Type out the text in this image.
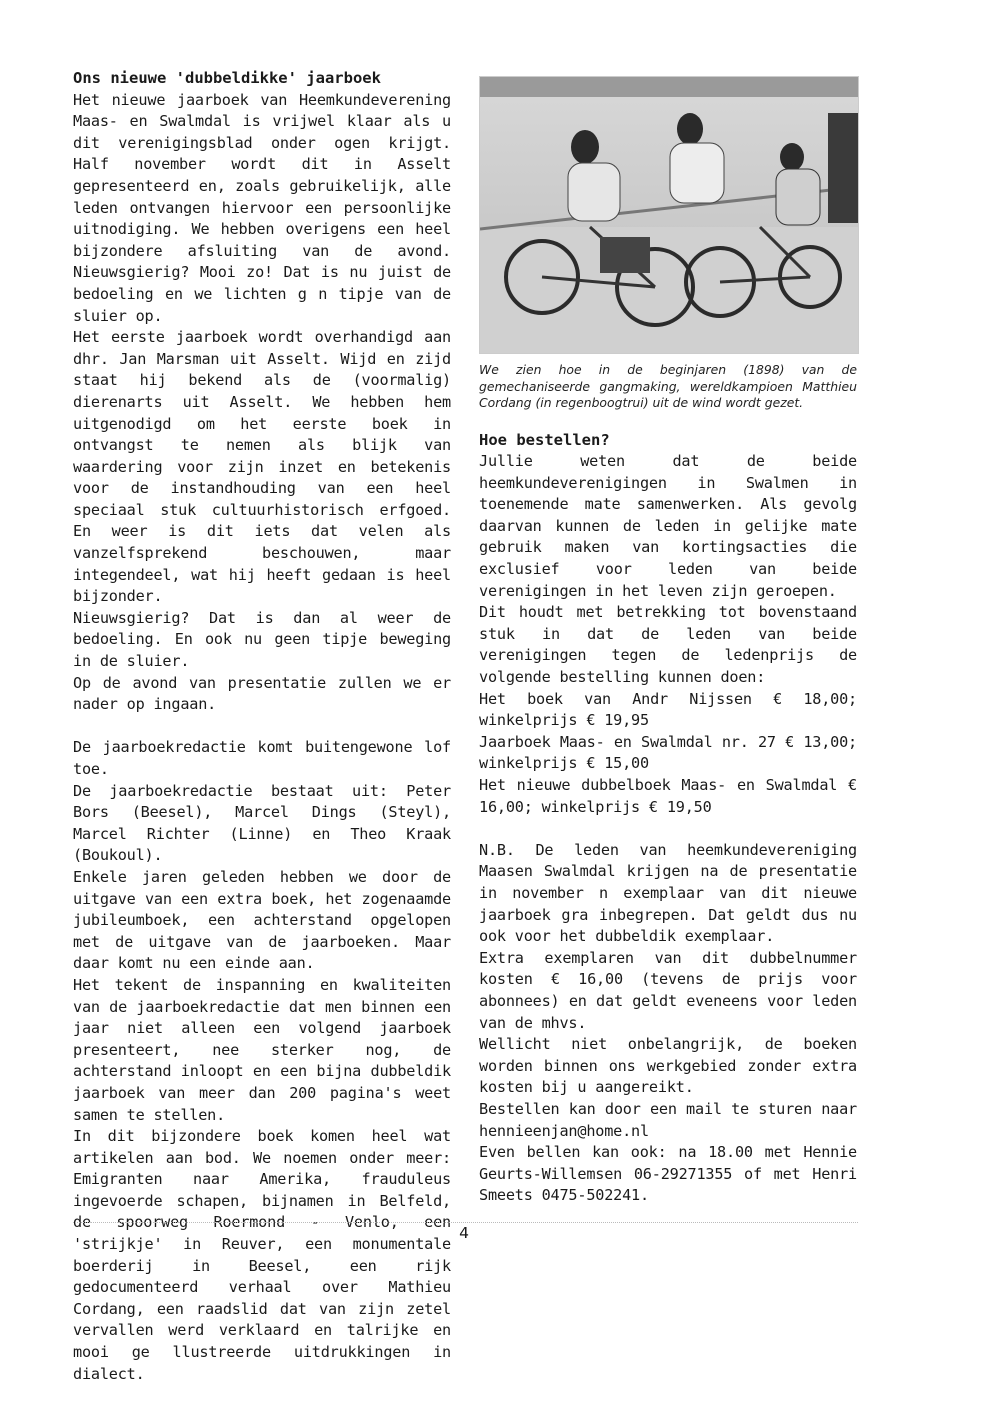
Ons nieuwe 'dubbeldikke' jaarboek

Het nieuwe jaarboek van Heemkundeverening Maas- en Swalmdal is vrijwel klaar als u dit verenigingsblad onder ogen krijgt. Half november wordt dit in Asselt gepresenteerd en, zoals gebruikelijk, alle leden ontvangen hiervoor een persoonlijke uitnodiging. We hebben overigens een heel bijzondere afsluiting van de avond. Nieuwsgierig? Mooi zo! Dat is nu juist de bedoeling en we lichten g n tipje van de sluier op.

Het eerste jaarboek wordt overhandigd aan dhr. Jan Marsman uit Asselt. Wijd en zijd staat hij bekend als de (voormalig) dierenarts uit Asselt. We hebben hem uitgenodigd om het eerste boek in ontvangst te nemen als blijk van waardering voor zijn inzet en betekenis voor de instandhouding van een heel speciaal stuk cultuurhistorisch erfgoed. En weer is dit iets dat velen als vanzelfsprekend beschouwen, maar integendeel, wat hij heeft gedaan is heel bijzonder.

Nieuwsgierig? Dat is dan al weer de bedoeling. En ook nu geen tipje beweging in de sluier.

Op de avond van presentatie zullen we er nader op ingaan.

De jaarboekredactie komt buitengewone lof toe.

De jaarboekredactie bestaat uit: Peter Bors (Beesel), Marcel Dings (Steyl), Marcel Richter (Linne) en Theo Kraak (Boukoul).

Enkele jaren geleden hebben we door de uitgave van een extra boek, het zogenaamde jubileumboek, een achterstand opgelopen met de uitgave van de jaarboeken. Maar daar komt nu een einde aan.

Het tekent de inspanning en kwaliteiten van de jaarboekredactie dat men binnen een jaar niet alleen een volgend jaarboek presenteert, nee sterker nog, de achterstand inloopt en een bijna dubbeldik jaarboek van meer dan 200 pagina's weet samen te stellen.

In dit bijzondere boek komen heel wat artikelen aan bod. We noemen onder meer: Emigranten naar Amerika, frauduleus ingevoerde schapen, bijnamen in Belfeld, de spoorweg Roermond - Venlo, een 'strijkje' in Reuver, een monumentale boerderij in Beesel, een rijk gedocumenteerd verhaal over Mathieu Cordang, een raadslid dat van zijn zetel vervallen werd verklaard en talrijke en mooi ge llustreerde uitdrukkingen in dialect.

We zien hoe in de beginjaren (1898) van de gemechaniseerde gangmaking, wereldkampioen Matthieu Cordang (in regenboogtrui) uit de wind wordt gezet.

Hoe bestellen?

Jullie weten dat de beide heemkundeverenigingen in Swalmen in toenemende mate samenwerken. Als gevolg daarvan kunnen de leden in gelijke mate gebruik maken van kortingsacties die exclusief voor leden van beide verenigingen in het leven zijn geroepen.

Dit houdt met betrekking tot bovenstaand stuk in dat de leden van beide verenigingen tegen de ledenprijs de volgende bestelling kunnen doen:

Het boek van Andr Nijssen € 18,00; winkelprijs € 19,95

Jaarboek Maas- en Swalmdal nr. 27 € 13,00; winkelprijs € 15,00

Het nieuwe dubbelboek Maas- en Swalmdal € 16,00; winkelprijs € 19,50

N.B. De leden van heemkundevereniging Maasen Swalmdal krijgen na de presentatie in november n exemplaar van dit nieuwe jaarboek gra inbegrepen. Dat geldt dus nu ook voor het dubbeldik exemplaar.

Extra exemplaren van dit dubbelnummer kosten € 16,00 (tevens de prijs voor abonnees) en dat geldt eveneens voor leden van de mhvs.

Wellicht niet onbelangrijk, de boeken worden binnen ons werkgebied zonder extra kosten bij u aangereikt.

Bestellen kan door een mail te sturen naar hennieenjan@home.nl

Even bellen kan ook: na 18.00 met Hennie Geurts-Willemsen 06-29271355 of met Henri Smeets 0475-502241.

4
